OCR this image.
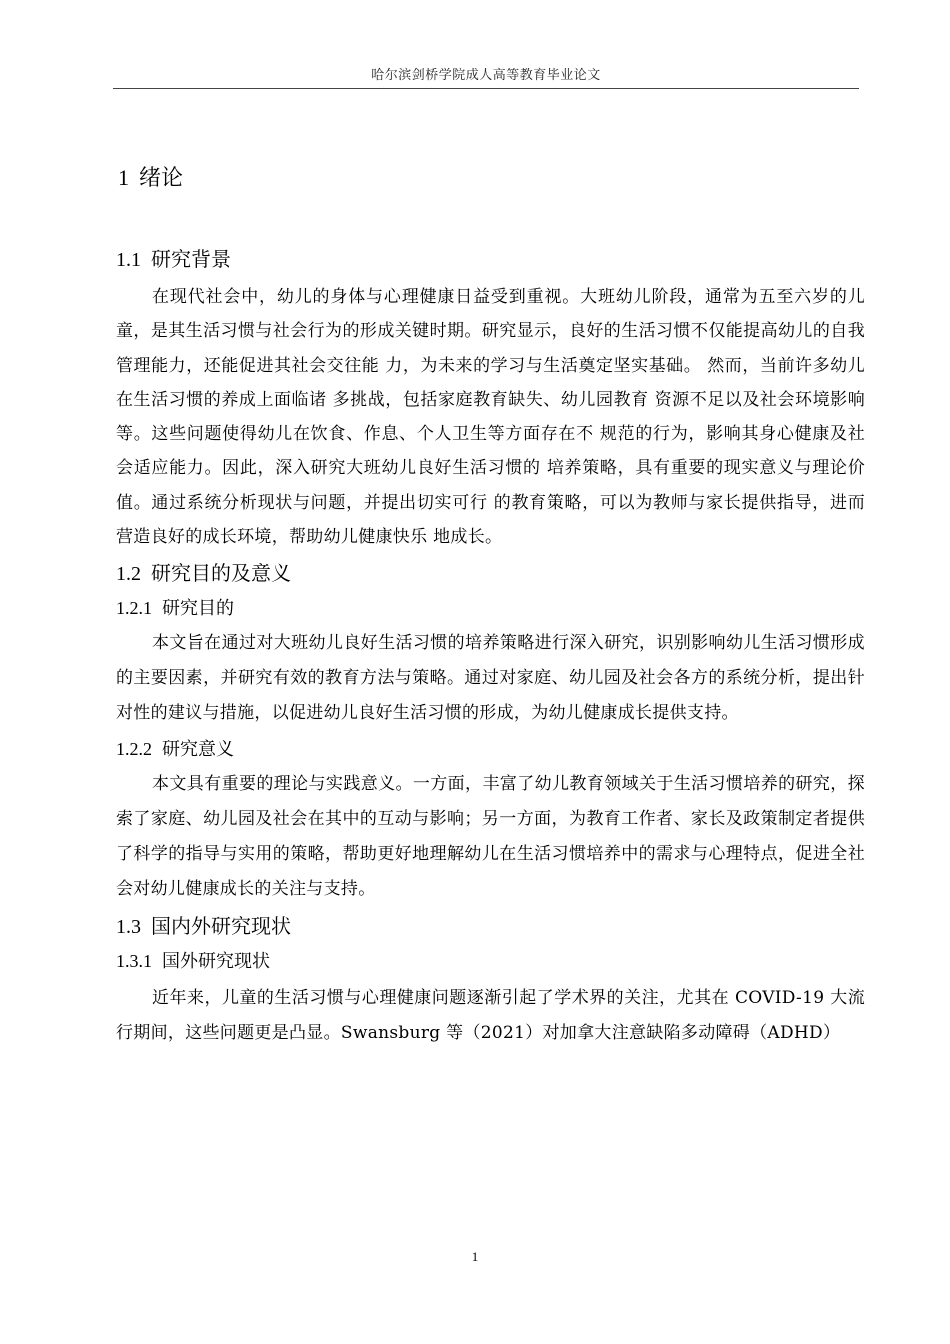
哈尔滨剑桥学院成人高等教育毕业论文
1 绪论
1.1 研究背景

在现代社会中，幼儿的身体与心理健康日益受到重视。大班幼儿阶段，通常为五至六岁的儿童，是其生活习惯与社会行为的形成关键时期。研究显示，良好的生活习惯不仅能提高幼儿的自我管理能力，还能促进其社会交往能 力，为未来的学习与生活奠定坚实基础。 然而，当前许多幼儿在生活习惯的养成上面临诸 多挑战，包括家庭教育缺失、幼儿园教育 资源不足以及社会环境影响等。这些问题使得幼儿在饮食、作息、个人卫生等方面存在不 规范的行为，影响其身心健康及社会适应能力。因此，深入研究大班幼儿良好生活习惯的 培养策略，具有重要的现实意义与理论价值。通过系统分析现状与问题，并提出切实可行 的教育策略，可以为教师与家长提供指导，进而营造良好的成长环境，帮助幼儿健康快乐 地成长。

1.2 研究目的及意义
1.2.1 研究目的

本文旨在通过对大班幼儿良好生活习惯的培养策略进行深入研究，识别影响幼儿生活习惯形成的主要因素，并研究有效的教育方法与策略。通过对家庭、幼儿园及社会各方的系统分析，提出针对性的建议与措施，以促进幼儿良好生活习惯的形成，为幼儿健康成长提供支持。

1.2.2 研究意义

本文具有重要的理论与实践意义。一方面，丰富了幼儿教育领域关于生活习惯培养的研究，探索了家庭、幼儿园及社会在其中的互动与影响；另一方面，为教育工作者、家长及政策制定者提供了科学的指导与实用的策略，帮助更好地理解幼儿在生活习惯培养中的需求与心理特点，促进全社会对幼儿健康成长的关注与支持。

1.3 国内外研究现状
1.3.1 国外研究现状

近年来，儿童的生活习惯与心理健康问题逐渐引起了学术界的关注，尤其在 COVID-19 大流行期间，这些问题更是凸显。Swansburg 等（2021）对加拿大注意缺陷多动障碍（ADHD）

1
